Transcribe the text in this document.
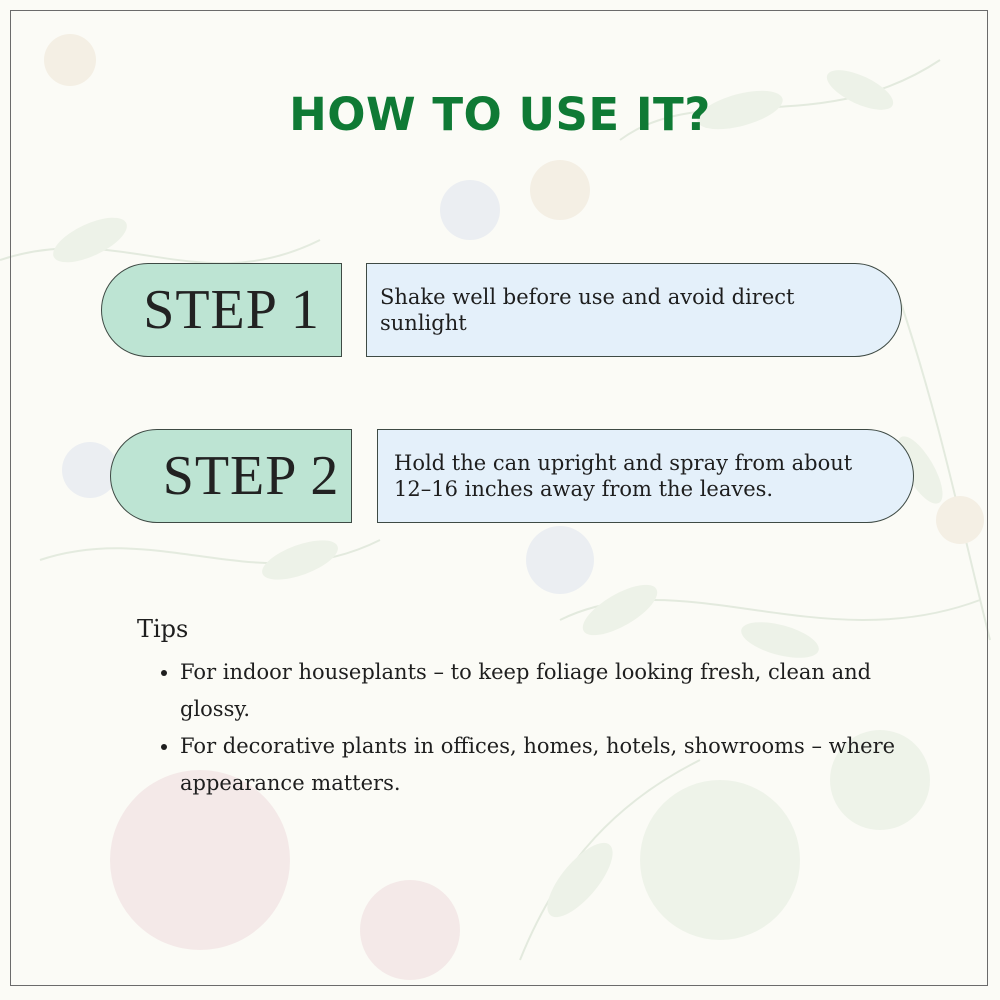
HOW TO USE IT?
STEP 1	Shake well before use and avoid direct sunlight
STEP 2	Hold the can upright and spray from about 12–16 inches away from the leaves.
Tips
• For indoor houseplants – to keep foliage looking fresh, clean and glossy.
• For decorative plants in offices, homes, hotels, showrooms – where appearance matters.
